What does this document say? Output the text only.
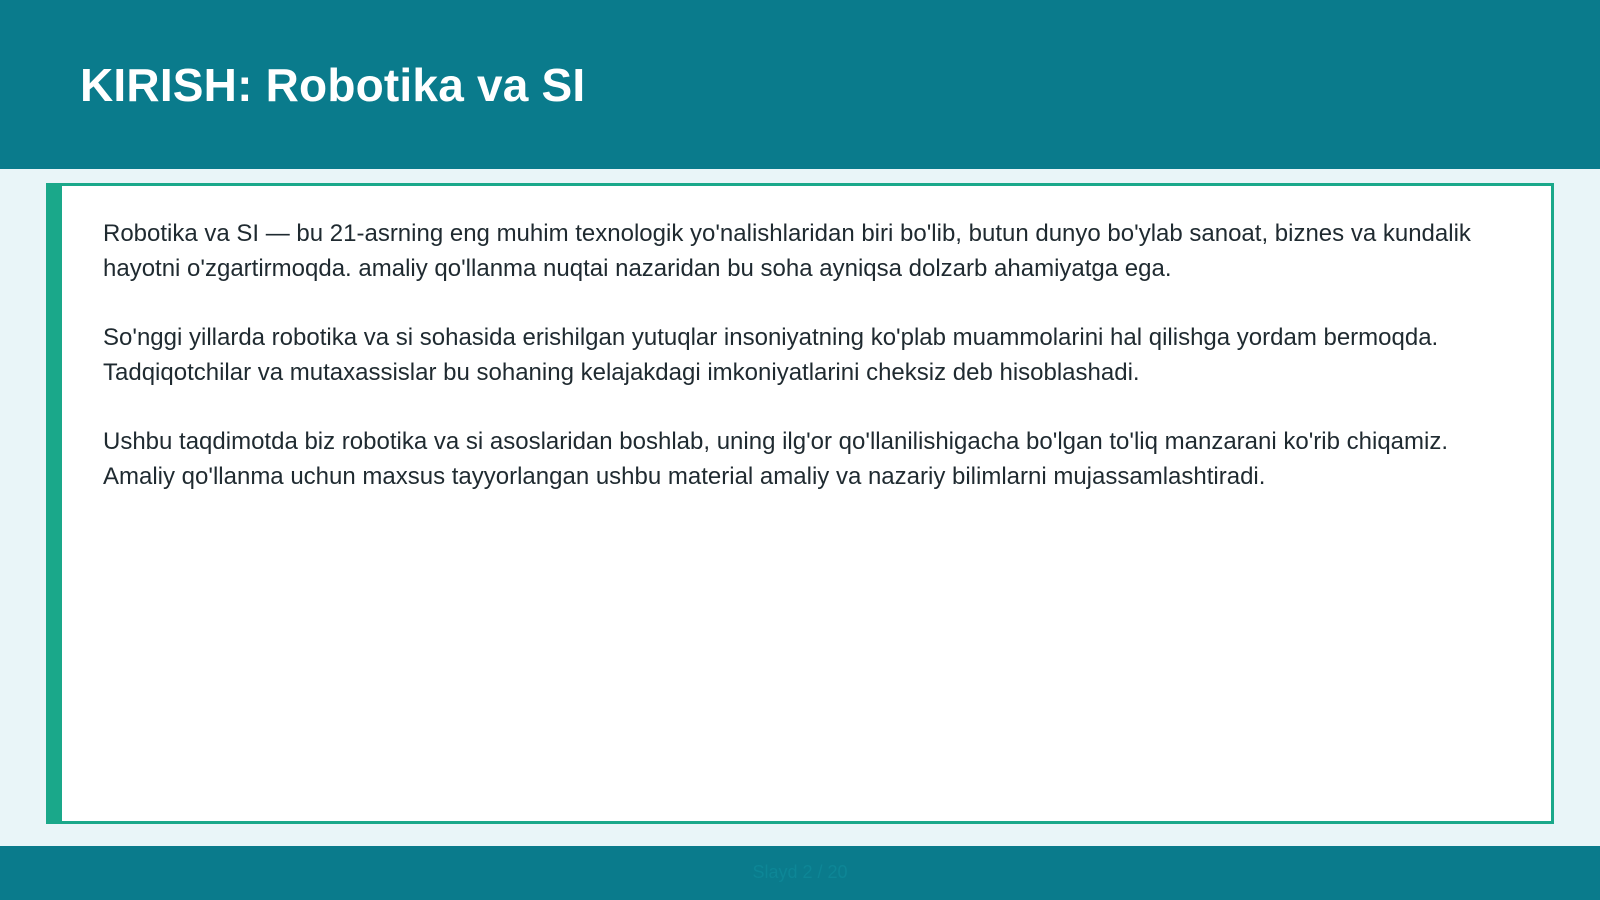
KIRISH: Robotika va SI

Robotika va SI — bu 21-asrning eng muhim texnologik yo'nalishlaridan biri bo'lib, butun dunyo bo'ylab sanoat, biznes va kundalik hayotni o'zgartirmoqda. amaliy qo'llanma nuqtai nazaridan bu soha ayniqsa dolzarb ahamiyatga ega.

So'nggi yillarda robotika va si sohasida erishilgan yutuqlar insoniyatning ko'plab muammolarini hal qilishga yordam bermoqda. Tadqiqotchilar va mutaxassislar bu sohaning kelajakdagi imkoniyatlarini cheksiz deb hisoblashadi.

Ushbu taqdimotda biz robotika va si asoslaridan boshlab, uning ilg'or qo'llanilishigacha bo'lgan to'liq manzarani ko'rib chiqamiz. Amaliy qo'llanma uchun maxsus tayyorlangan ushbu material amaliy va nazariy bilimlarni mujassamlashtiradi.

Slayd 2 / 20
